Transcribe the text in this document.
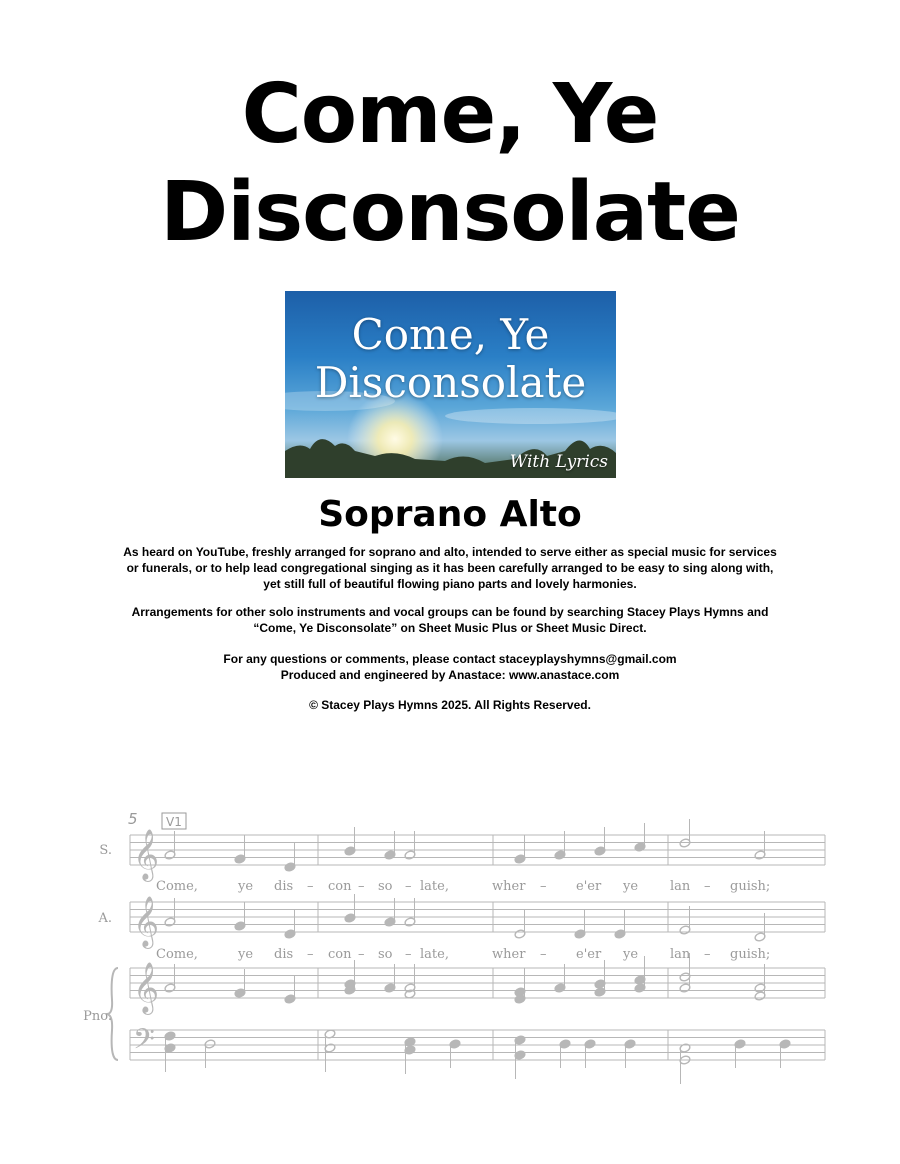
Come, Ye
Disconsolate
Come, Ye
Disconsolate
With Lyrics
Soprano Alto
As heard on YouTube, freshly arranged for soprano and alto, intended to serve either as special music for services
or funerals, or to help lead congregational singing as it has been carefully arranged to be easy to sing along with,
yet still full of beautiful flowing piano parts and lovely harmonies.
Arrangements for other solo instruments and vocal groups can be found by searching Stacey Plays Hymns and
“Come, Ye Disconsolate” on Sheet Music Plus or Sheet Music Direct.
For any questions or comments, please contact staceyplayshymns@gmail.com
Produced and engineered by Anastace: www.anastace.com
© Stacey Plays Hymns 2025. All Rights Reserved.
𝄞
𝄞
𝄞
𝄢
5 V1
S.
A.
Pno.
Come,	ye dis – con – so – late,	wher – e'er ye lan – guish;
Come,	ye dis – con – so – late,	wher – e'er ye lan – guish;
